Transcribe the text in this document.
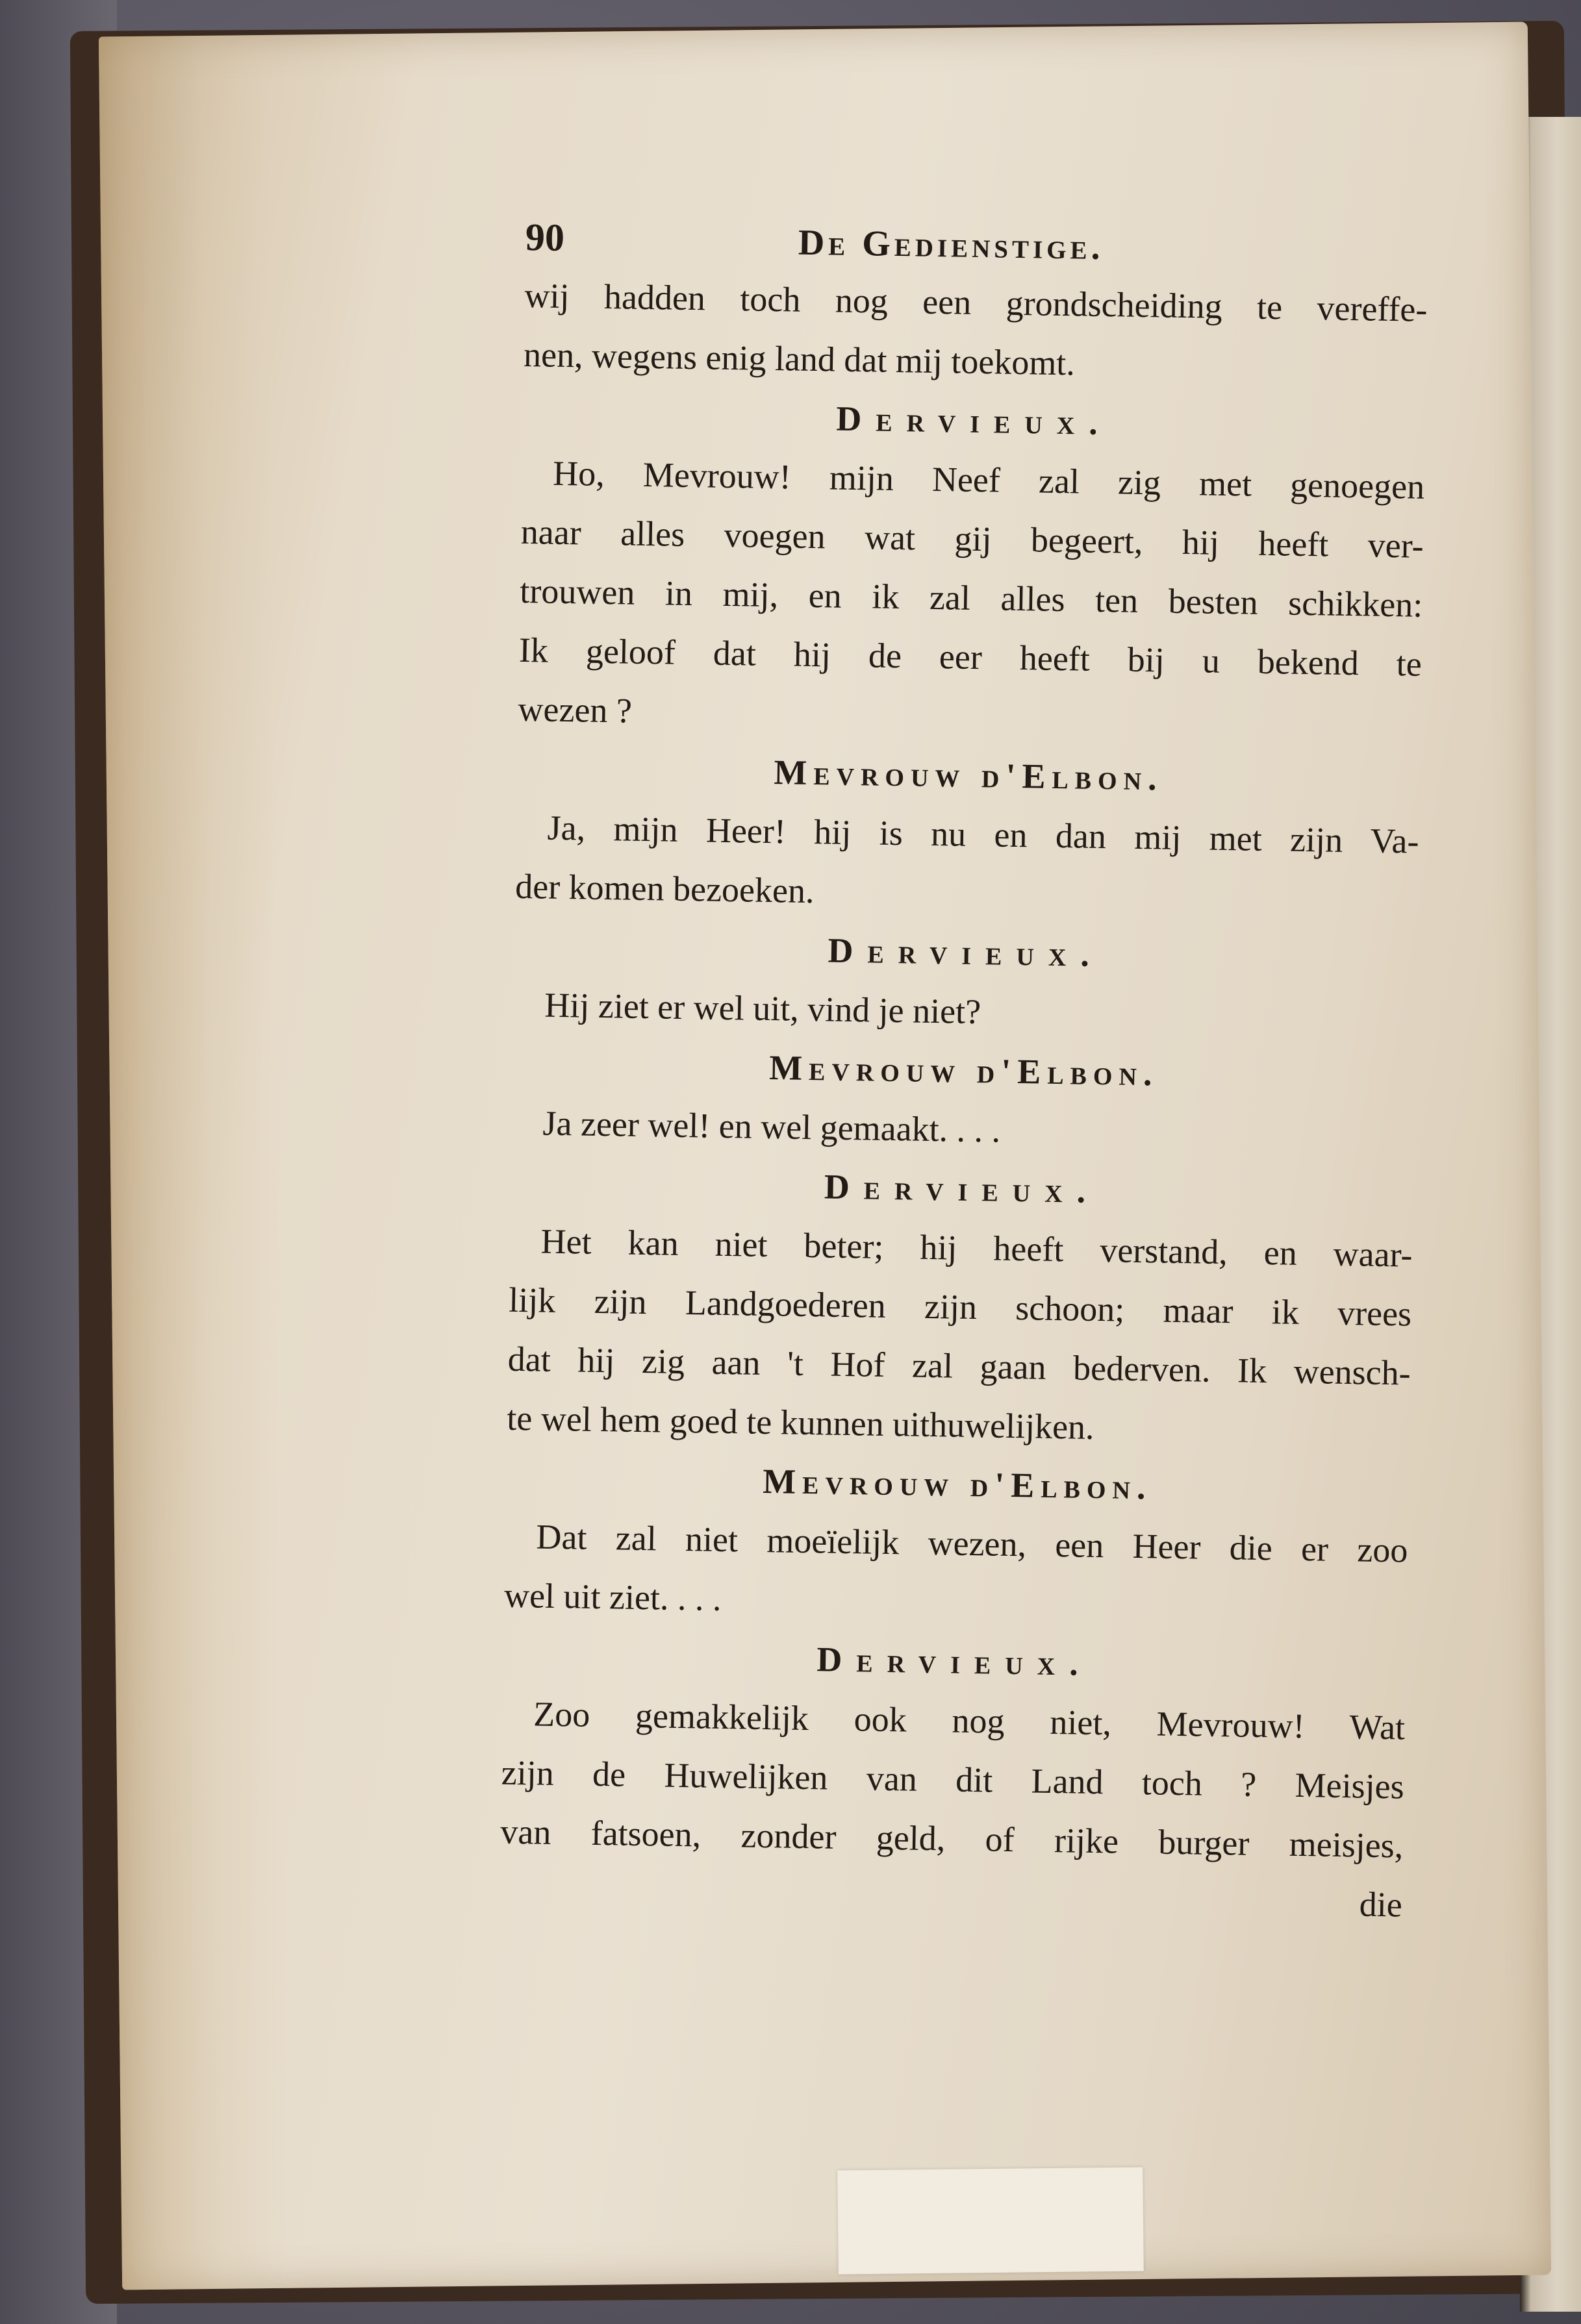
90	De Gedienstige.
wij hadden toch nog een grondscheiding te vereffe-
nen, wegens enig land dat mij toekomt.
Dervieux.
Ho, Mevrouw! mijn Neef zal zig met genoegen
naar alles voegen wat gij begeert, hij heeft ver-
trouwen in mij, en ik zal alles ten besten schikken:
Ik geloof dat hij de eer heeft bij u bekend te
wezen ?
Mevrouw d'Elbon.
Ja, mijn Heer! hij is nu en dan mij met zijn Va-
der komen bezoeken.
Dervieux.
Hij ziet er wel uit, vind je niet?
Mevrouw d'Elbon.
Ja zeer wel! en wel gemaakt. . . .
Dervieux.
Het kan niet beter; hij heeft verstand, en waar-
lijk zijn Landgoederen zijn schoon; maar ik vrees
dat hij zig aan 't Hof zal gaan bederven. Ik wensch-
te wel hem goed te kunnen uithuwelijken.
Mevrouw d'Elbon.
Dat zal niet moeïelijk wezen, een Heer die er zoo
wel uit ziet. . . .
Dervieux.
Zoo gemakkelijk ook nog niet, Mevrouw! Wat
zijn de Huwelijken van dit Land toch ? Meisjes
van fatsoen, zonder geld, of rijke burger meisjes,
die
